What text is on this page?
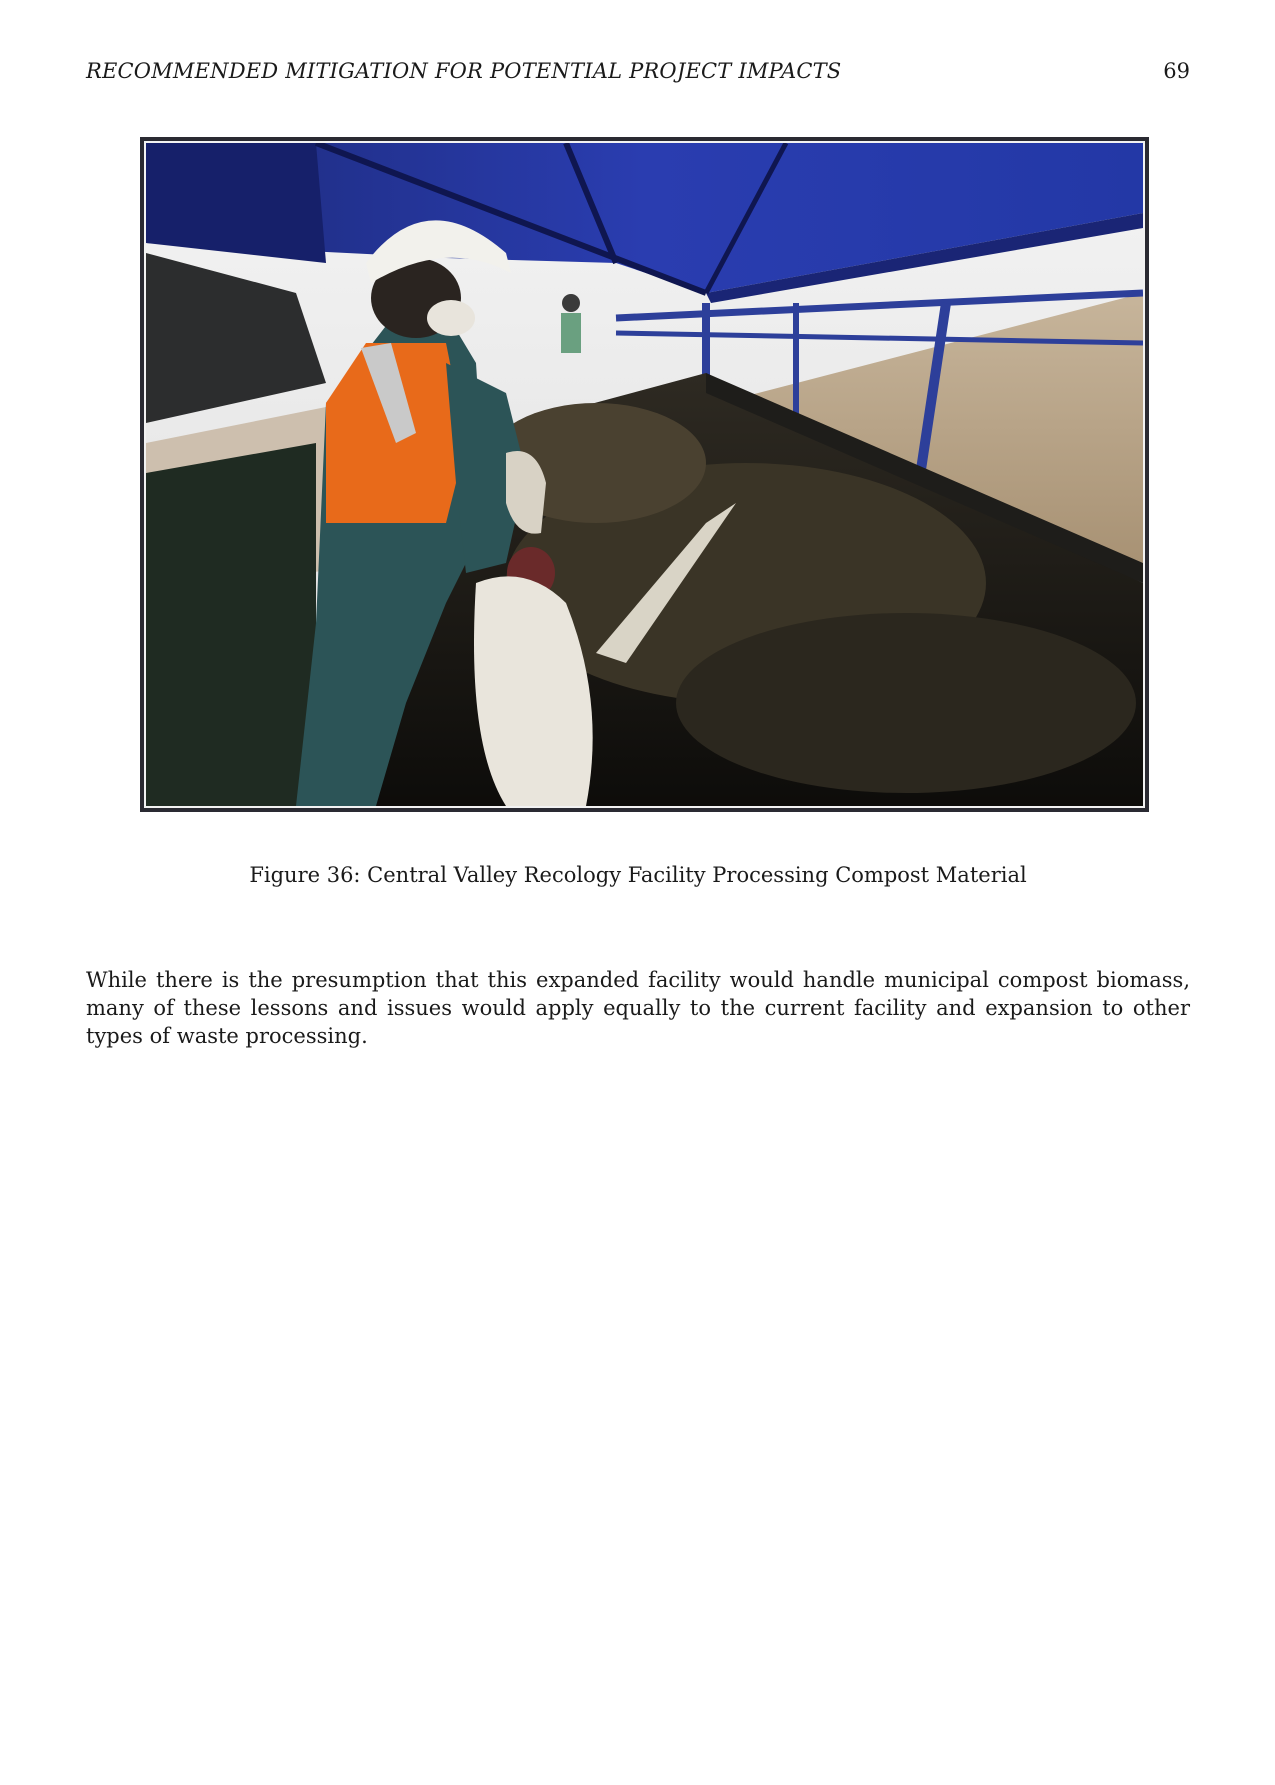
RECOMMENDED MITIGATION FOR POTENTIAL PROJECT IMPACTS	69
Figure 36: Central Valley Recology Facility Processing Compost Material

While there is the presumption that this expanded facility would handle municipal compost biomass, many of these lessons and issues would apply equally to the current facility and expansion to other types of waste processing.
